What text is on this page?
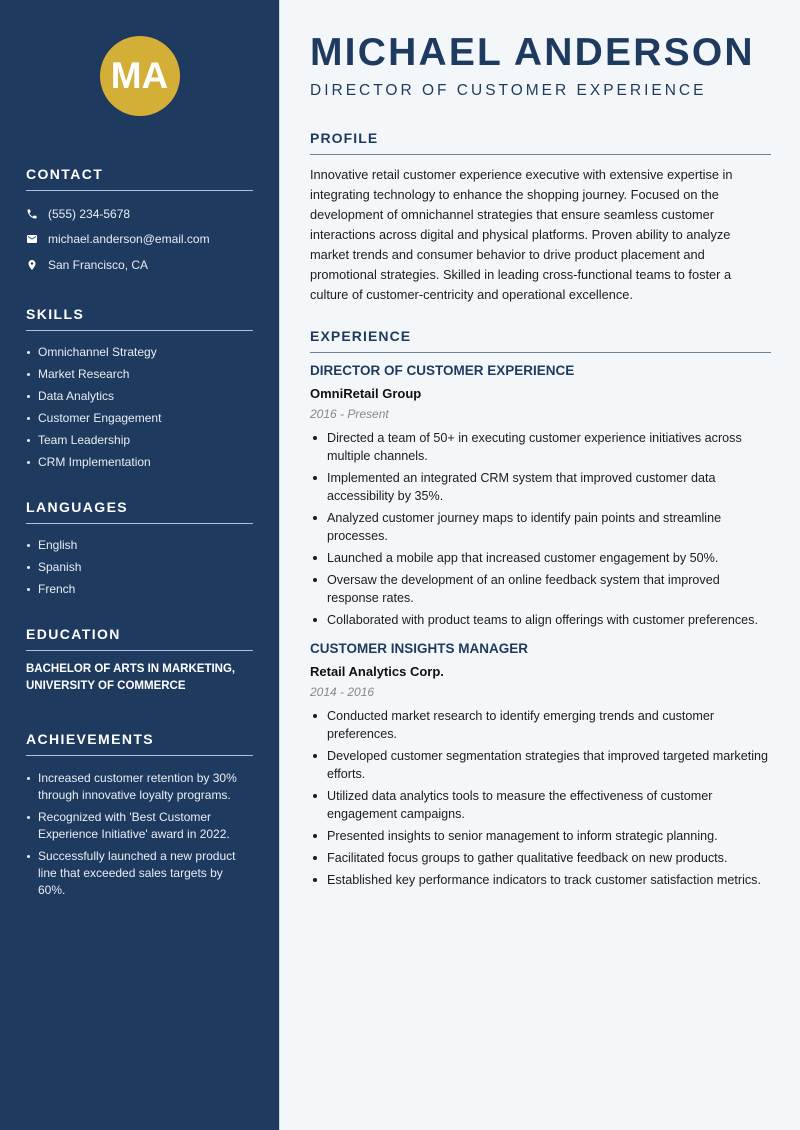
MA
CONTACT
(555) 234-5678
michael.anderson@email.com
San Francisco, CA
SKILLS
Omnichannel Strategy
Market Research
Data Analytics
Customer Engagement
Team Leadership
CRM Implementation
LANGUAGES
English
Spanish
French
EDUCATION
BACHELOR OF ARTS IN MARKETING, UNIVERSITY OF COMMERCE
ACHIEVEMENTS
Increased customer retention by 30% through innovative loyalty programs.
Recognized with 'Best Customer Experience Initiative' award in 2022.
Successfully launched a new product line that exceeded sales targets by 60%.
MICHAEL ANDERSON
DIRECTOR OF CUSTOMER EXPERIENCE
PROFILE

Innovative retail customer experience executive with extensive expertise in integrating technology to enhance the shopping journey. Focused on the development of omnichannel strategies that ensure seamless customer interactions across digital and physical platforms. Proven ability to analyze market trends and consumer behavior to drive product placement and promotional strategies. Skilled in leading cross-functional teams to foster a culture of customer-centricity and operational excellence.

EXPERIENCE
DIRECTOR OF CUSTOMER EXPERIENCE
OmniRetail Group
2016 - Present
Directed a team of 50+ in executing customer experience initiatives across multiple channels.
Implemented an integrated CRM system that improved customer data accessibility by 35%.
Analyzed customer journey maps to identify pain points and streamline processes.
Launched a mobile app that increased customer engagement by 50%.
Oversaw the development of an online feedback system that improved response rates.
Collaborated with product teams to align offerings with customer preferences.
CUSTOMER INSIGHTS MANAGER
Retail Analytics Corp.
2014 - 2016
Conducted market research to identify emerging trends and customer preferences.
Developed customer segmentation strategies that improved targeted marketing efforts.
Utilized data analytics tools to measure the effectiveness of customer engagement campaigns.
Presented insights to senior management to inform strategic planning.
Facilitated focus groups to gather qualitative feedback on new products.
Established key performance indicators to track customer satisfaction metrics.
